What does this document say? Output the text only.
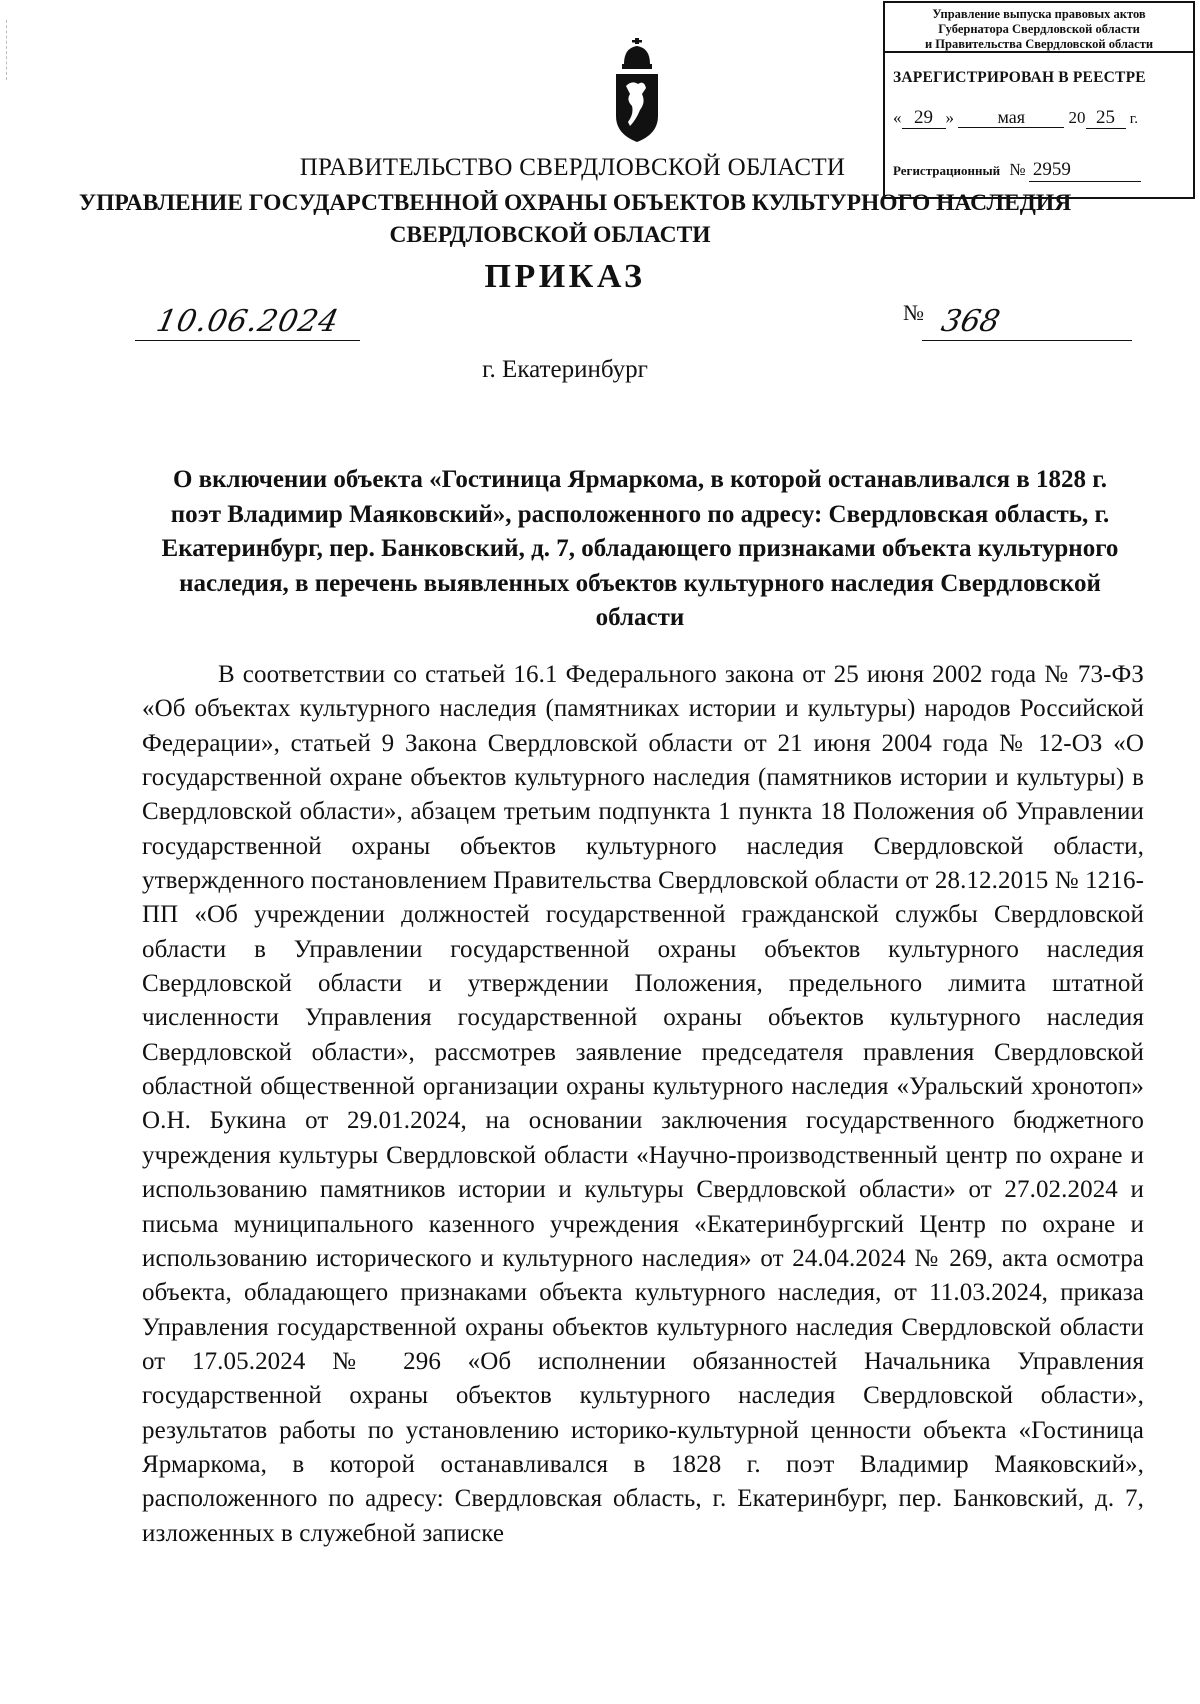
Управление выпуска правовых актов
Губернатора Свердловской области
и Правительства Свердловской области
ЗАРЕГИСТРИРОВАН В РЕЕСТРЕ
« 29 » мая	20 25 г.
Регистрационный № 2959
ПРАВИТЕЛЬСТВО СВЕРДЛОВСКОЙ ОБЛАСТИ
УПРАВЛЕНИЕ ГОСУДАРСТВЕННОЙ ОХРАНЫ ОБЪЕКТОВ КУЛЬТУРНОГО НАСЛЕДИЯ
СВЕРДЛОВСКОЙ ОБЛАСТИ
ПРИКАЗ
10.06.2024	№ 368
г. Екатеринбург
О включении объекта «Гостиница Ярмаркома, в которой останавливался в 1828 г. поэт Владимир Маяковский», расположенного по адресу: Свердловская область, г. Екатеринбург, пер. Банковский, д. 7, обладающего признаками объекта культурного наследия, в перечень выявленных объектов культурного наследия Свердловской области
В соответствии со статьей 16.1 Федерального закона от 25 июня 2002 года № 73-ФЗ «Об объектах культурного наследия (памятниках истории и культуры) народов Российской Федерации», статьей 9 Закона Свердловской области от 21 июня 2004 года № 12-ОЗ «О государственной охране объектов культурного наследия (памятников истории и культуры) в Свердловской области», абзацем третьим подпункта 1 пункта 18 Положения об Управлении государственной охраны объектов культурного наследия Свердловской области, утвержденного постановлением Правительства Свердловской области от 28.12.2015 № 1216-ПП «Об учреждении должностей государственной гражданской службы Свердловской области в Управлении государственной охраны объектов культурного наследия Свердловской области и утверждении Положения, предельного лимита штатной численности Управления государственной охраны объектов культурного наследия Свердловской области», рассмотрев заявление председателя правления Свердловской областной общественной организации охраны культурного наследия «Уральский хронотоп» О.Н. Букина от 29.01.2024, на основании заключения государственного бюджетного учреждения культуры Свердловской области «Научно-производственный центр по охране и использованию памятников истории и культуры Свердловской области» от 27.02.2024 и письма муниципального казенного учреждения «Екатеринбургский Центр по охране и использованию исторического и культурного наследия» от 24.04.2024 № 269, акта осмотра объекта, обладающего признаками объекта культурного наследия, от 11.03.2024, приказа Управления государственной охраны объектов культурного наследия Свердловской области от 17.05.2024 № 296 «Об исполнении обязанностей Начальника Управления государственной охраны объектов культурного наследия Свердловской области», результатов работы по установлению историко-культурной ценности объекта «Гостиница Ярмаркома, в которой останавливался в 1828 г. поэт Владимир Маяковский», расположенного по адресу: Свердловская область, г. Екатеринбург, пер. Банковский, д. 7, изложенных в служебной записке
